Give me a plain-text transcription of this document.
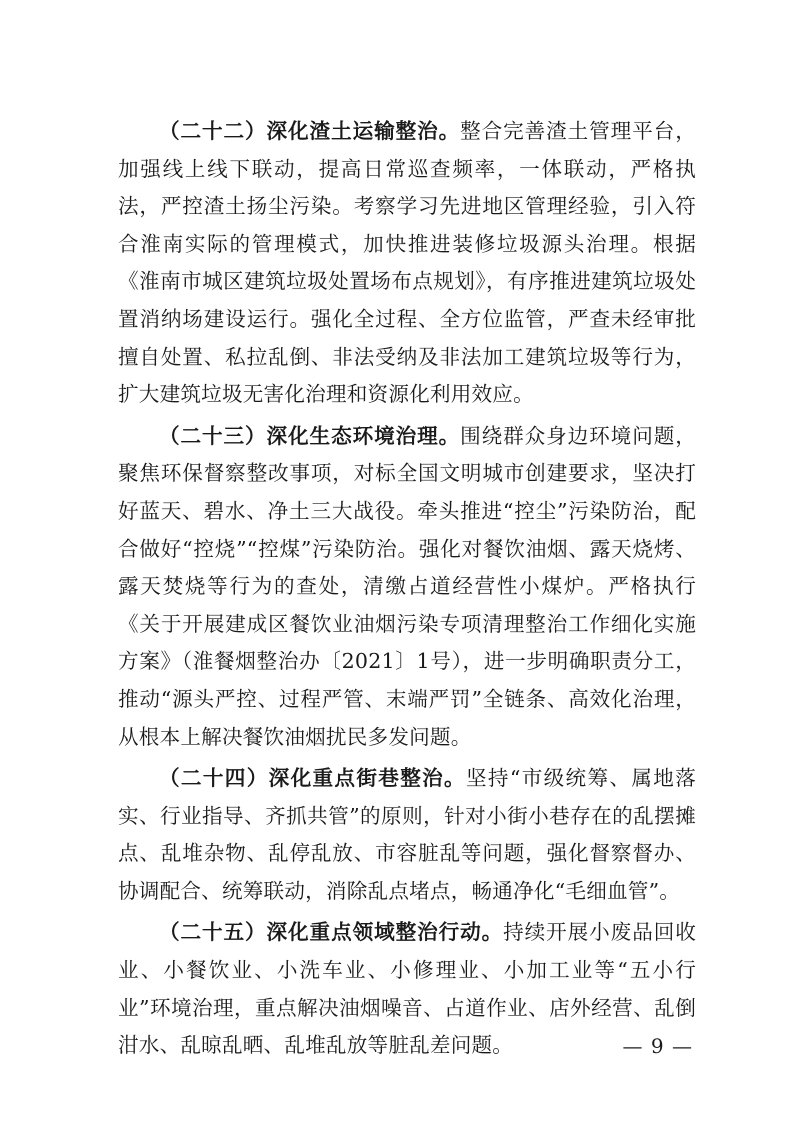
（二十二）深化渣土运输整治。整合完善渣土管理平台，加强线上线下联动，提高日常巡查频率，一体联动，严格执法，严控渣土扬尘污染。考察学习先进地区管理经验，引入符合淮南实际的管理模式，加快推进装修垃圾源头治理。根据《淮南市城区建筑垃圾处置场布点规划》，有序推进建筑垃圾处置消纳场建设运行。强化全过程、全方位监管，严查未经审批擅自处置、私拉乱倒、非法受纳及非法加工建筑垃圾等行为，扩大建筑垃圾无害化治理和资源化利用效应。

（二十三）深化生态环境治理。围绕群众身边环境问题，聚焦环保督察整改事项，对标全国文明城市创建要求，坚决打好蓝天、碧水、净土三大战役。牵头推进“控尘”污染防治，配合做好“控烧”“控煤”污染防治。强化对餐饮油烟、露天烧烤、露天焚烧等行为的查处，清缴占道经营性小煤炉。严格执行《关于开展建成区餐饮业油烟污染专项清理整治工作细化实施方案》（淮餐烟整治办〔2021〕1号），进一步明确职责分工，推动“源头严控、过程严管、末端严罚”全链条、高效化治理，从根本上解决餐饮油烟扰民多发问题。

（二十四）深化重点街巷整治。坚持“市级统筹、属地落实、行业指导、齐抓共管”的原则，针对小街小巷存在的乱摆摊点、乱堆杂物、乱停乱放、市容脏乱等问题，强化督察督办、协调配合、统筹联动，消除乱点堵点，畅通净化“毛细血管”。

（二十五）深化重点领域整治行动。持续开展小废品回收业、小餐饮业、小洗车业、小修理业、小加工业等“五小行业”环境治理，重点解决油烟噪音、占道作业、店外经营、乱倒泔水、乱晾乱晒、乱堆乱放等脏乱差问题。	— 9 —
